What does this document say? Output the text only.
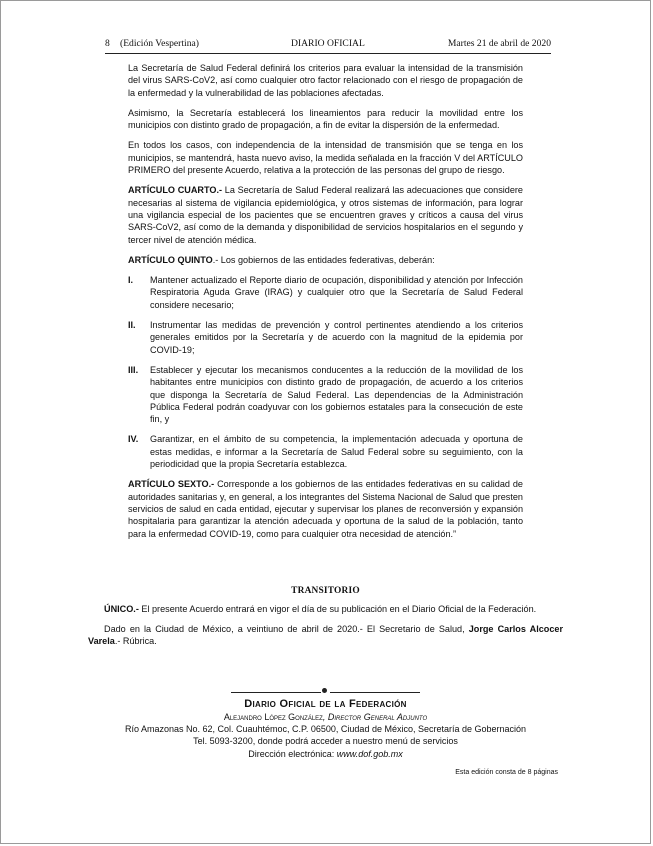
8 (Edición Vespertina)	DIARIO OFICIAL	Martes 21 de abril de 2020

La Secretaría de Salud Federal definirá los criterios para evaluar la intensidad de la transmisión del virus SARS-CoV2, así como cualquier otro factor relacionado con el riesgo de propagación de la enfermedad y la vulnerabilidad de las poblaciones afectadas.

Asimismo, la Secretaría establecerá los lineamientos para reducir la movilidad entre los municipios con distinto grado de propagación, a fin de evitar la dispersión de la enfermedad.

En todos los casos, con independencia de la intensidad de transmisión que se tenga en los municipios, se mantendrá, hasta nuevo aviso, la medida señalada en la fracción V del ARTÍCULO PRIMERO del presente Acuerdo, relativa a la protección de las personas del grupo de riesgo.

ARTÍCULO CUARTO.- La Secretaría de Salud Federal realizará las adecuaciones que considere necesarias al sistema de vigilancia epidemiológica, y otros sistemas de información, para lograr una vigilancia especial de los pacientes que se encuentren graves y críticos a causa del virus SARS-CoV2, así como de la demanda y disponibilidad de servicios hospitalarios en el segundo y tercer nivel de atención médica.

ARTÍCULO QUINTO.- Los gobiernos de las entidades federativas, deberán:

I.	Mantener actualizado el Reporte diario de ocupación, disponibilidad y atención por Infección Respiratoria Aguda Grave (IRAG) y cualquier otro que la Secretaría de Salud Federal considere necesario;
II.	Instrumentar las medidas de prevención y control pertinentes atendiendo a los criterios generales emitidos por la Secretaría y de acuerdo con la magnitud de la epidemia por COVID-19;
III.	Establecer y ejecutar los mecanismos conducentes a la reducción de la movilidad de los habitantes entre municipios con distinto grado de propagación, de acuerdo a los criterios que disponga la Secretaría de Salud Federal. Las dependencias de la Administración Pública Federal podrán coadyuvar con los gobiernos estatales para la consecución de este fin, y
IV.	Garantizar, en el ámbito de su competencia, la implementación adecuada y oportuna de estas medidas, e informar a la Secretaría de Salud Federal sobre su seguimiento, con la periodicidad que la propia Secretaría establezca.

ARTÍCULO SEXTO.- Corresponde a los gobiernos de las entidades federativas en su calidad de autoridades sanitarias y, en general, a los integrantes del Sistema Nacional de Salud que presten servicios de salud en cada entidad, ejecutar y supervisar los planes de reconversión y expansión hospitalaria para garantizar la atención adecuada y oportuna de la salud de la población, tanto para la enfermedad COVID-19, como para cualquier otra necesidad de atención.”

TRANSITORIO

ÚNICO.- El presente Acuerdo entrará en vigor el día de su publicación en el Diario Oficial de la Federación.

Dado en la Ciudad de México, a veintiuno de abril de 2020.- El Secretario de Salud, Jorge Carlos Alcocer Varela.- Rúbrica.

Diario Oficial de la Federación
Alejandro López González, Director General Adjunto
Río Amazonas No. 62, Col. Cuauhtémoc, C.P. 06500, Ciudad de México, Secretaría de Gobernación
Tel. 5093-3200, donde podrá acceder a nuestro menú de servicios
Dirección electrónica: www.dof.gob.mx
Esta edición consta de 8 páginas
